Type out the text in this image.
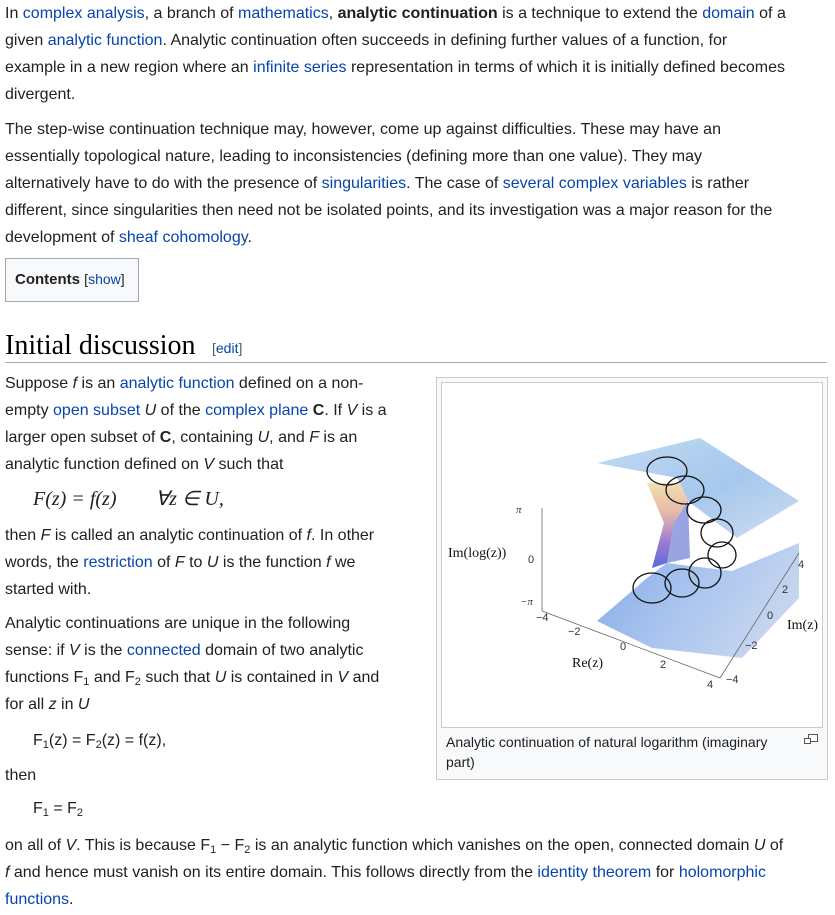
In complex analysis, a branch of mathematics, analytic continuation is a technique to extend the domain of a
given analytic function. Analytic continuation often succeeds in defining further values of a function, for
example in a new region where an infinite series representation in terms of which it is initially defined becomes
divergent.

The step-wise continuation technique may, however, come up against difficulties. These may have an
essentially topological nature, leading to inconsistencies (defining more than one value). They may
alternatively have to do with the presence of singularities. The case of several complex variables is rather
different, since singularities then need not be isolated points, and its investigation was a major reason for the
development of sheaf cohomology.

Contents [show]
Initial discussion [edit]

Suppose f is an analytic function defined on a non-
empty open subset U of the complex plane C. If V is a
larger open subset of C, containing U, and F is an
analytic function defined on V such that

F(z) = f(z) ∀z ∈ U,

then F is called an analytic continuation of f. In other
words, the restriction of F to U is the function f we
started with.

Analytic continuations are unique in the following
sense: if V is the connected domain of two analytic
functions $F_1$ and $F_2$ such that U is contained in V and
for all z in U

$F_1(z) = F_2(z) = f(z)$,

then

$F_1 = F_2$

on all of V. This is because $F_1 - F_2$ is an analytic function which vanishes on the open, connected domain U of
f and hence must vanish on its entire domain. This follows directly from the identity theorem for holomorphic
functions.

Im(log(z))
Re(z)
Im(z)
π
0
−π
−4
−2
0
2
4
4
2
0
−2
−4
Analytic continuation of natural logarithm (imaginary part)
